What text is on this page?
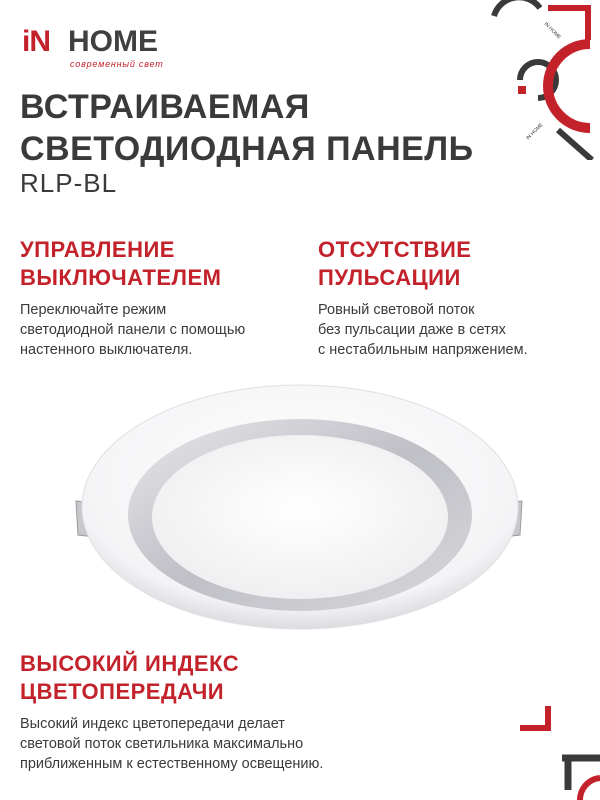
iN HOME
современный свет
IN HOME
IN HOME
ВСТРАИВАЕМАЯ
СВЕТОДИОДНАЯ ПАНЕЛЬ
RLP-BL
УПРАВЛЕНИЕ
ВЫКЛЮЧАТЕЛЕМ

Переключайте режим
светодиодной панели с помощью
настенного выключателя.

ОТСУТСТВИЕ
ПУЛЬСАЦИИ

Ровный световой поток
без пульсации даже в сетях
с нестабильным напряжением.

ВЫСОКИЙ ИНДЕКС
ЦВЕТОПЕРЕДАЧИ

Высокий индекс цветопередачи делает
световой поток светильника максимально
приближенным к естественному освещению.
